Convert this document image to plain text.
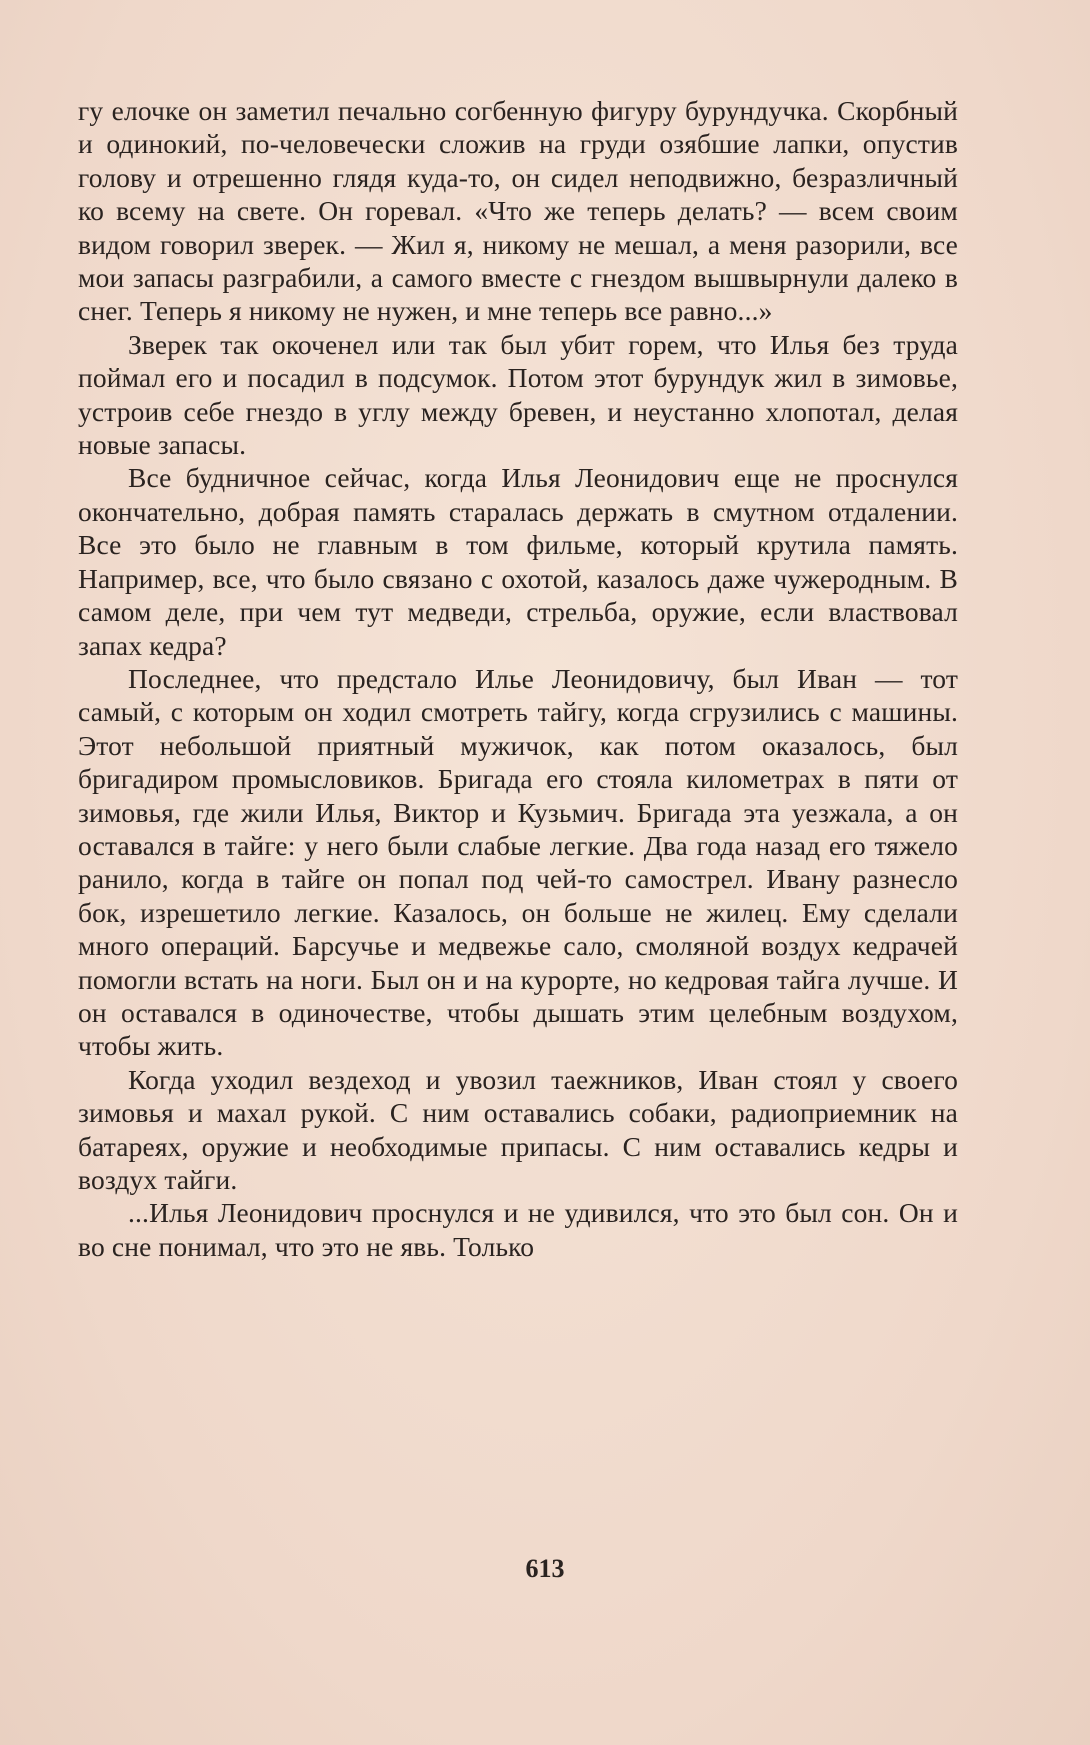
гу елочке он заметил печально согбенную фигуру бурундучка. Скорбный и одинокий, по-человечески сложив на груди озябшие лапки, опустив голову и отрешенно глядя куда-то, он сидел неподвижно, безразличный ко всему на свете. Он горевал. «Что же теперь делать? — всем своим видом говорил зверек. — Жил я, никому не мешал, а меня разорили, все мои запасы разграбили, а самого вместе с гнездом вышвырнули далеко в снег. Теперь я никому не нужен, и мне теперь все равно...»

Зверек так окоченел или так был убит горем, что Илья без труда поймал его и посадил в подсумок. Потом этот бурундук жил в зимовье, устроив себе гнездо в углу между бревен, и неустанно хлопотал, делая новые запасы.

Все будничное сейчас, когда Илья Леонидович еще не проснулся окончательно, добрая память старалась держать в смутном отдалении. Все это было не главным в том фильме, который крутила память. Например, все, что было связано с охотой, казалось даже чужеродным. В самом деле, при чем тут медведи, стрельба, оружие, если властвовал запах кедра?

Последнее, что предстало Илье Леонидовичу, был Иван — тот самый, с которым он ходил смотреть тайгу, когда сгрузились с машины. Этот небольшой приятный мужичок, как потом оказалось, был бригадиром промысловиков. Бригада его стояла километрах в пяти от зимовья, где жили Илья, Виктор и Кузьмич. Бригада эта уезжала, а он оставался в тайге: у него были слабые легкие. Два года назад его тяжело ранило, когда в тайге он попал под чей-то самострел. Ивану разнесло бок, изрешетило легкие. Казалось, он больше не жилец. Ему сделали много операций. Барсучье и медвежье сало, смоляной воздух кедрачей помогли встать на ноги. Был он и на курорте, но кедровая тайга лучше. И он оставался в одиночестве, чтобы дышать этим целебным воздухом, чтобы жить.

Когда уходил вездеход и увозил таежников, Иван стоял у своего зимовья и махал рукой. С ним оставались собаки, радиоприемник на батареях, оружие и необходимые припасы. С ним оставались кедры и воздух тайги.

...Илья Леонидович проснулся и не удивился, что это был сон. Он и во сне понимал, что это не явь. Только

613
